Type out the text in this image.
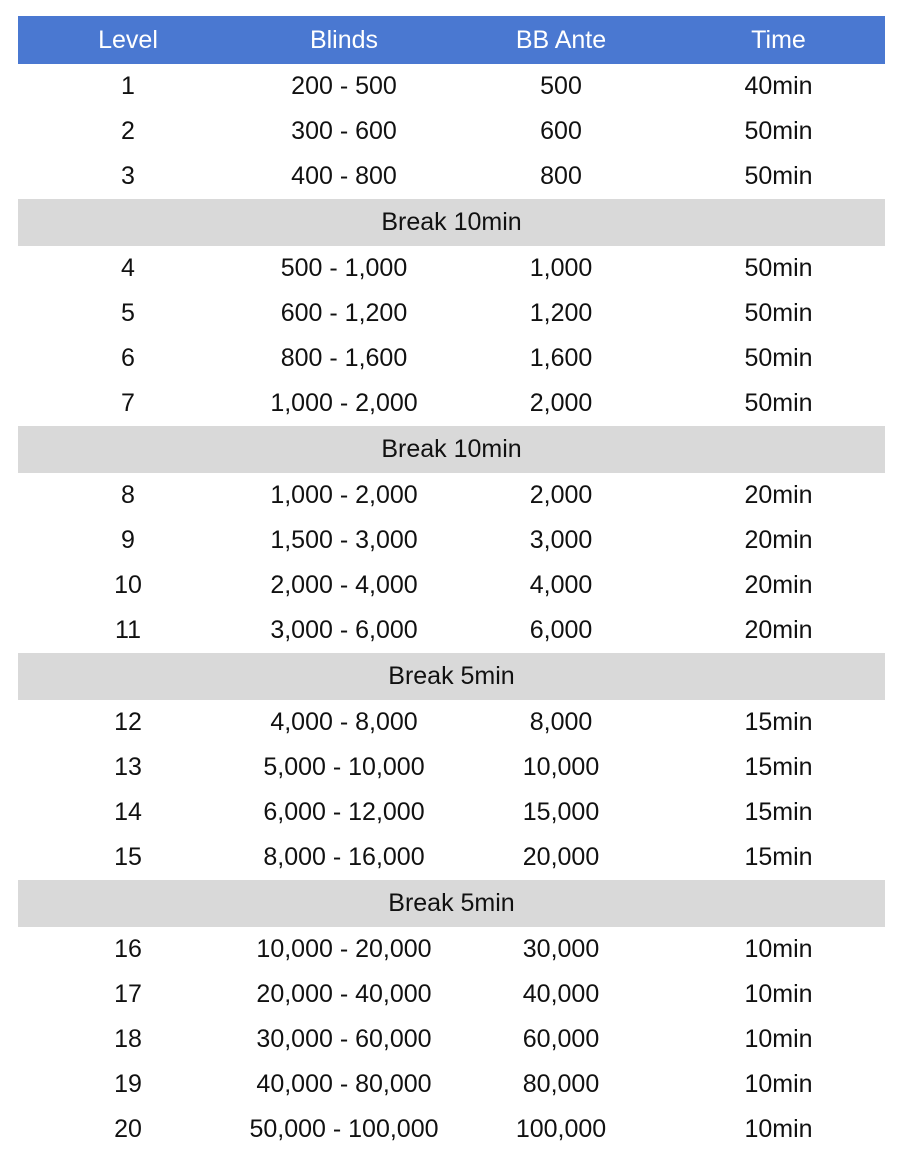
Level	Blinds	BB Ante	Time
1	200 - 500	500	40min
2	300 - 600	600	50min
3	400 - 800	800	50min
Break 10min
4	500 - 1,000	1,000	50min
5	600 - 1,200	1,200	50min
6	800 - 1,600	1,600	50min
7	1,000 - 2,000	2,000	50min
Break 10min
8	1,000 - 2,000	2,000	20min
9	1,500 - 3,000	3,000	20min
10	2,000 - 4,000	4,000	20min
11	3,000 - 6,000	6,000	20min
Break 5min
12	4,000 - 8,000	8,000	15min
13	5,000 - 10,000	10,000	15min
14	6,000 - 12,000	15,000	15min
15	8,000 - 16,000	20,000	15min
Break 5min
16	10,000 - 20,000	30,000	10min
17	20,000 - 40,000	40,000	10min
18	30,000 - 60,000	60,000	10min
19	40,000 - 80,000	80,000	10min
20	50,000 - 100,000	100,000	10min
